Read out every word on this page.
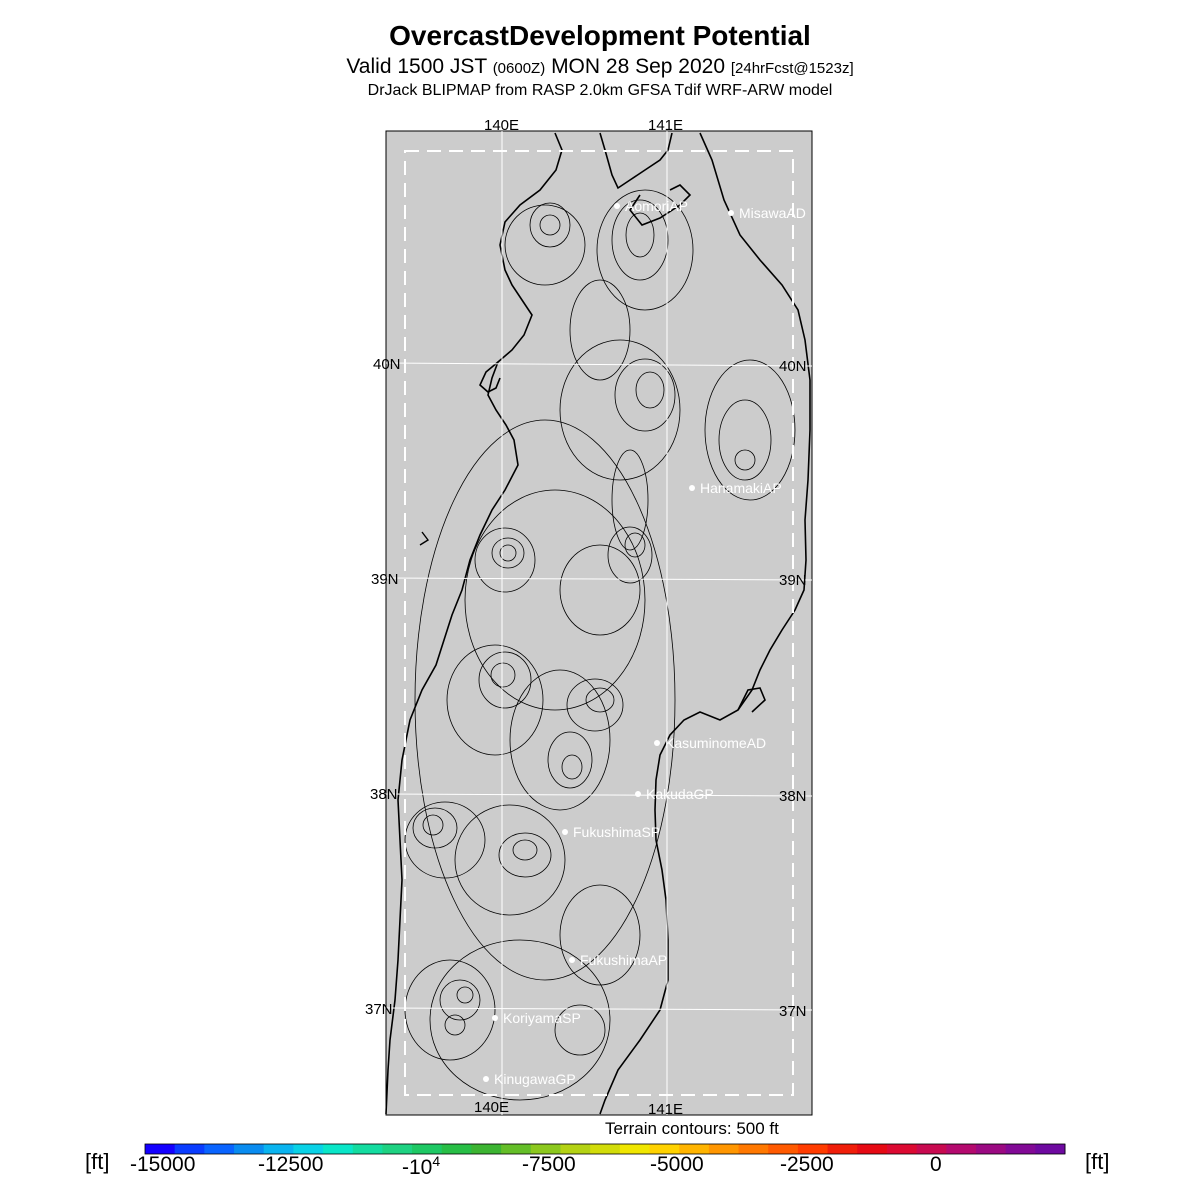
OvercastDevelopment Potential
Valid 1500 JST (0600Z) MON 28 Sep 2020 [24hrFcst@1523z]
DrJack BLIPMAP from RASP 2.0km GFSA Tdif WRF-ARW model
140E	141E
140E	141E
40N	40N
39N	39N
38N	38N
37N	37N
AomoriAP	MisawaAD
HanamakiAP
KasuminomeAD
KakudaGP
FukushimaSP
FukushimaAP
KoriyamaSP
KinugawaGP
Terrain contours: 500 ft
[ft]	[ft]
-15000	-12500	$-10^4$	-7500	-5000	-2500	0
